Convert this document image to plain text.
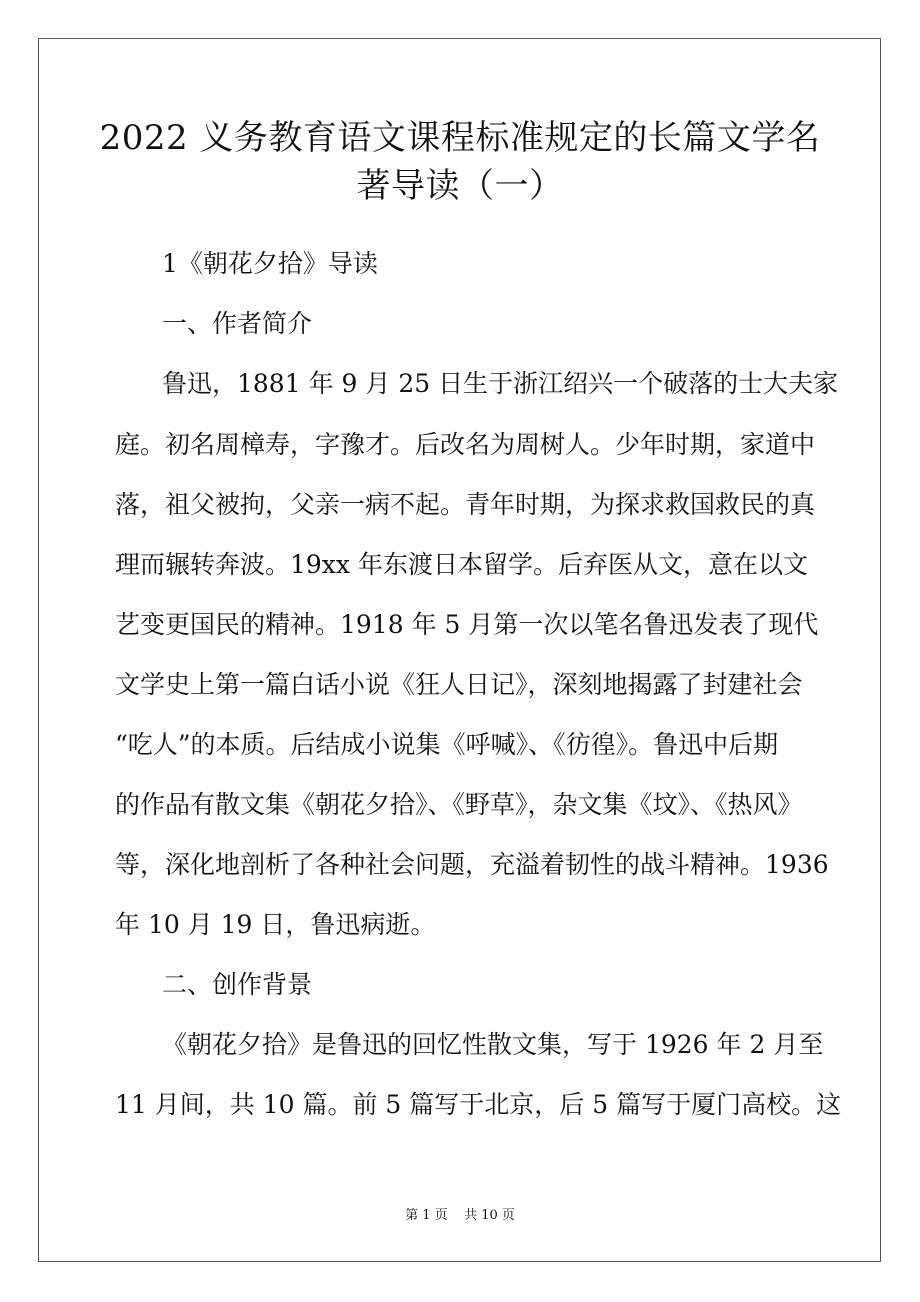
2022 义务教育语文课程标准规定的长篇文学名
著导读（一）
1《朝花夕拾》导读
一、作者简介
鲁迅，1881 年 9 月 25 日生于浙江绍兴一个破落的士大夫家
庭。初名周樟寿，字豫才。后改名为周树人。少年时期，家道中
落，祖父被拘，父亲一病不起。青年时期，为探求救国救民的真
理而辗转奔波。19xx 年东渡日本留学。后弃医从文，意在以文
艺变更国民的精神。1918 年 5 月第一次以笔名鲁迅发表了现代
文学史上第一篇白话小说《狂人日记》，深刻地揭露了封建社会
“吃人”的本质。后结成小说集《呼喊》、《彷徨》。鲁迅中后期
的作品有散文集《朝花夕拾》、《野草》，杂文集《坟》、《热风》
等，深化地剖析了各种社会问题，充溢着韧性的战斗精神。1936
年 10 月 19 日，鲁迅病逝。
二、创作背景
《朝花夕拾》是鲁迅的回忆性散文集，写于 1926 年 2 月至
11 月间，共 10 篇。前 5 篇写于北京，后 5 篇写于厦门高校。这
第 1 页    共 10 页
